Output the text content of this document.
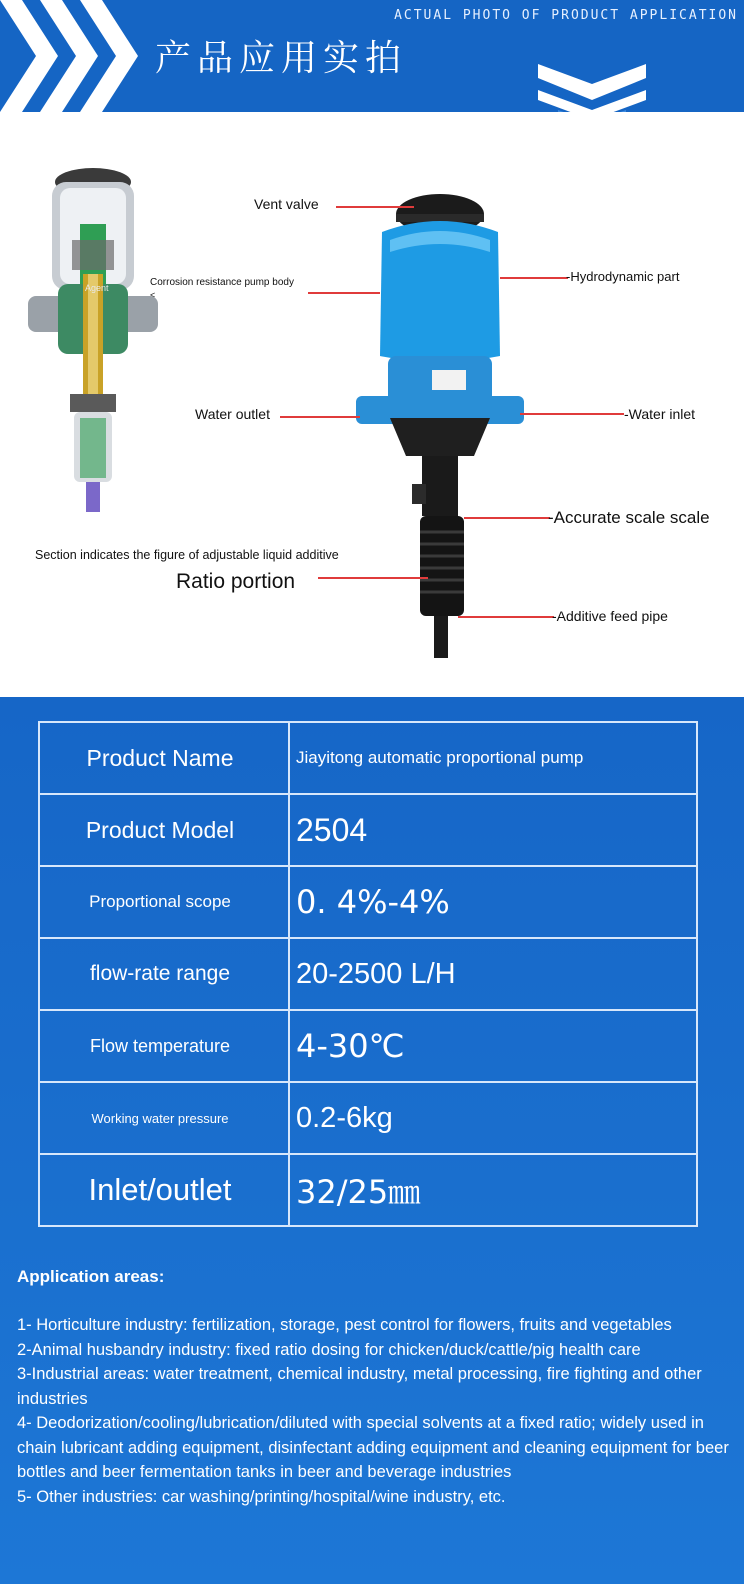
产品应用实拍
ACTUAL PHOTO OF PRODUCT APPLICATION
Agent
Vent valve
Corrosion resistance pump body
<
-Hydrodynamic part
Water outlet	-Water inlet
-Accurate scale scale
Section indicates the figure of adjustable liquid additive
Ratio portion
-Additive feed pipe
Product Name	Jiayitong automatic proportional pump
Product Model	2504
Proportional scope	0. 4%-4%
flow-rate range	20-2500 L/H
Flow temperature	4-30℃
Working water pressure	0.2-6kg
Inlet/outlet	32/25㎜
Application areas:
1- Horticulture industry: fertilization, storage, pest control for flowers, fruits and vegetables
2-Animal husbandry industry: fixed ratio dosing for chicken/duck/cattle/pig health care
3-Industrial areas: water treatment, chemical industry, metal processing, fire fighting and other industries
4- Deodorization/cooling/lubrication/diluted with special solvents at a fixed ratio; widely used in chain lubricant adding equipment, disinfectant adding equipment and cleaning equipment for beer bottles and beer fermentation tanks in beer and beverage industries
5- Other industries: car washing/printing/hospital/wine industry, etc.
